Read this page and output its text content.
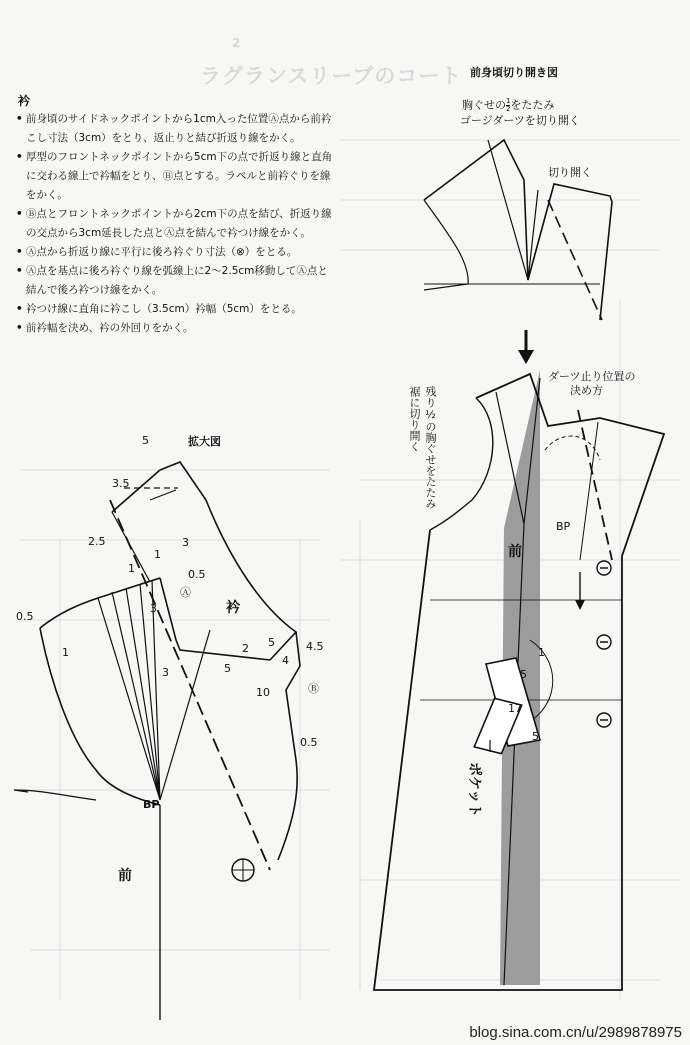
2
ラグランスリーブのコート
衿
• 前身頃のサイドネックポイントから1cm入った位置Ⓐ点から前衿こし寸法（3cm）をとり、返止りと結び折返り線をかく。
• 厚型のフロントネックポイントから5cm下の点で折返り線と直角に交わる線上で衿幅をとり、Ⓑ点とする。ラペルと前衿ぐりを線をかく。
• Ⓑ点とフロントネックポイントから2cm下の点を結び、折返り線の交点から3cm延長した点とⒶ点を結んで衿つけ線をかく。
• Ⓐ点から折返り線に平行に後ろ衿ぐり寸法（⊗）をとる。
• Ⓐ点を基点に後ろ衿ぐり線を弧線上に2～2.5cm移動してⒶ点と結んで後ろ衿つけ線をかく。
• 衿つけ線に直角に衿こし（3.5cm）衿幅（5cm）をとる。
• 前衿幅を決め、衿の外回りをかく。
拡大図
前身頃切り開き図
胸ぐせの $\frac{1}{2}$ をたたみ
ゴージダーツを切り開く
切り開く
ダーツ止り位置の
決め方
残り½の胸ぐせをたたみ
裾に切り開く
3.5
5
2.5
1
1
3
0.5
Ⓐ
衿
3
0.5
1
3
2 5
5
4
4.5
Ⓑ
10
0.5
BP
前
BP
前
1
5
17
5
ポケット
blog.sina.com.cn/u/2989878975
